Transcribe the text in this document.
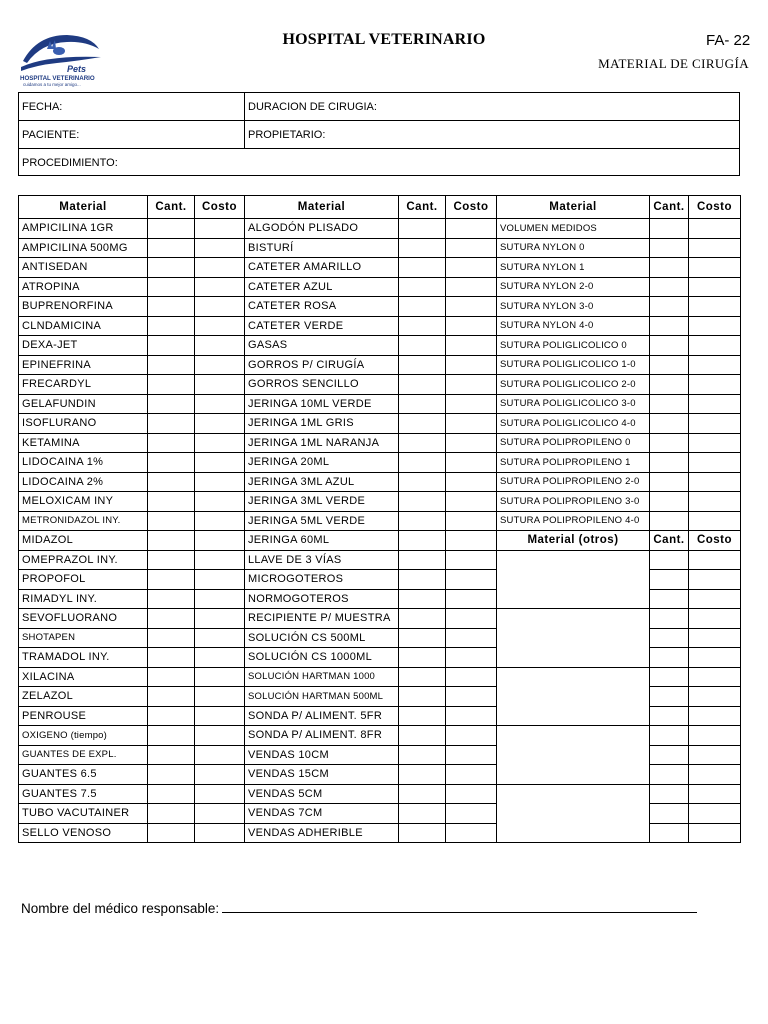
Pets
HOSPITAL VETERINARIO
cuidamos a tu mejor amigo...
HOSPITAL VETERINARIO	FA- 22
MATERIAL DE CIRUGÍA
FECHA:	DURACION DE CIRUGIA:
PACIENTE:	PROPIETARIO:
PROCEDIMIENTO:
Material	Cant.	Costo	Material	Cant.	Costo	Material	Cant.	Costo
AMPICILINA 1GR			ALGODÓN PLISADO			VOLUMEN MEDIDOS		
AMPICILINA 500MG			BISTURÍ			SUTURA NYLON 0		
ANTISEDAN			CATETER AMARILLO			SUTURA NYLON 1		
ATROPINA			CATETER AZUL			SUTURA NYLON 2-0		
BUPRENORFINA			CATETER ROSA			SUTURA NYLON 3-0		
CLNDAMICINA			CATETER VERDE			SUTURA NYLON 4-0		
DEXA-JET			GASAS			SUTURA POLIGLICOLICO 0		
EPINEFRINA			GORROS P/ CIRUGÍA			SUTURA POLIGLICOLICO 1-0		
FRECARDYL			GORROS SENCILLO			SUTURA POLIGLICOLICO 2-0		
GELAFUNDIN			JERINGA 10ML VERDE			SUTURA POLIGLICOLICO 3-0		
ISOFLURANO			JERINGA 1ML GRIS			SUTURA POLIGLICOLICO 4-0		
KETAMINA			JERINGA 1ML NARANJA			SUTURA POLIPROPILENO 0		
LIDOCAINA 1%			JERINGA 20ML			SUTURA POLIPROPILENO 1		
LIDOCAINA 2%			JERINGA 3ML AZUL			SUTURA POLIPROPILENO 2-0		
MELOXICAM INY			JERINGA 3ML VERDE			SUTURA POLIPROPILENO 3-0		
METRONIDAZOL INY.			JERINGA 5ML VERDE			SUTURA POLIPROPILENO 4-0		
MIDAZOL			JERINGA 60ML			Material (otros)	Cant.	Costo
OMEPRAZOL INY.			LLAVE DE 3 VÍAS					
PROPOFOL			MICROGOTEROS					
RIMADYL INY.			NORMOGOTEROS					
SEVOFLUORANO			RECIPIENTE P/ MUESTRA					
SHOTAPEN			SOLUCIÓN CS 500ML					
TRAMADOL INY.			SOLUCIÓN CS 1000ML					
XILACINA			SOLUCIÓN HARTMAN 1000					
ZELAZOL			SOLUCIÓN HARTMAN 500ML					
PENROUSE			SONDA P/ ALIMENT. 5FR					
OXIGENO (tiempo)			SONDA P/ ALIMENT. 8FR					
GUANTES DE EXPL.			VENDAS 10CM					
GUANTES 6.5			VENDAS 15CM					
GUANTES 7.5			VENDAS 5CM					
TUBO VACUTAINER			VENDAS 7CM					
SELLO VENOSO			VENDAS ADHERIBLE					
Nombre del médico responsable:
